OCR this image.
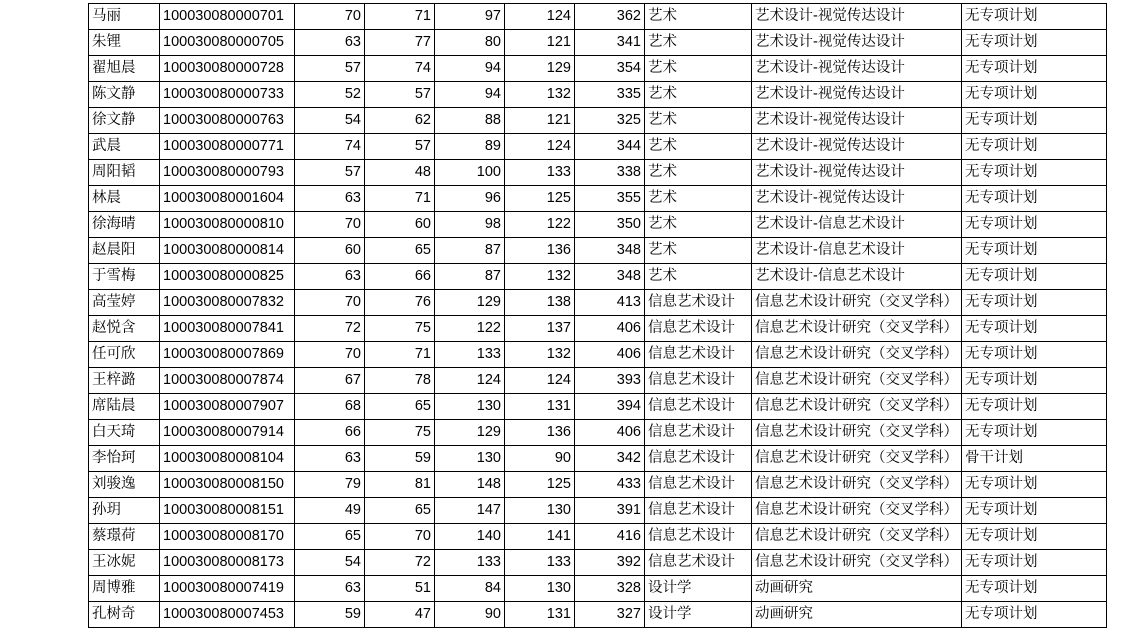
马丽	100030080000701	70	71	97	124	362	艺术	艺术设计-视觉传达设计	无专项计划
朱锂	100030080000705	63	77	80	121	341	艺术	艺术设计-视觉传达设计	无专项计划
翟旭晨	100030080000728	57	74	94	129	354	艺术	艺术设计-视觉传达设计	无专项计划
陈文静	100030080000733	52	57	94	132	335	艺术	艺术设计-视觉传达设计	无专项计划
徐文静	100030080000763	54	62	88	121	325	艺术	艺术设计-视觉传达设计	无专项计划
武晨	100030080000771	74	57	89	124	344	艺术	艺术设计-视觉传达设计	无专项计划
周阳韬	100030080000793	57	48	100	133	338	艺术	艺术设计-视觉传达设计	无专项计划
林晨	100030080001604	63	71	96	125	355	艺术	艺术设计-视觉传达设计	无专项计划
徐海晴	100030080000810	70	60	98	122	350	艺术	艺术设计-信息艺术设计	无专项计划
赵晨阳	100030080000814	60	65	87	136	348	艺术	艺术设计-信息艺术设计	无专项计划
于雪梅	100030080000825	63	66	87	132	348	艺术	艺术设计-信息艺术设计	无专项计划
高莹婷	100030080007832	70	76	129	138	413	信息艺术设计	信息艺术设计研究（交叉学科）	无专项计划
赵悦含	100030080007841	72	75	122	137	406	信息艺术设计	信息艺术设计研究（交叉学科）	无专项计划
任可欣	100030080007869	70	71	133	132	406	信息艺术设计	信息艺术设计研究（交叉学科）	无专项计划
王梓潞	100030080007874	67	78	124	124	393	信息艺术设计	信息艺术设计研究（交叉学科）	无专项计划
席陆晨	100030080007907	68	65	130	131	394	信息艺术设计	信息艺术设计研究（交叉学科）	无专项计划
白天琦	100030080007914	66	75	129	136	406	信息艺术设计	信息艺术设计研究（交叉学科）	无专项计划
李怡珂	100030080008104	63	59	130	90	342	信息艺术设计	信息艺术设计研究（交叉学科）	骨干计划
刘骏逸	100030080008150	79	81	148	125	433	信息艺术设计	信息艺术设计研究（交叉学科）	无专项计划
孙玥	100030080008151	49	65	147	130	391	信息艺术设计	信息艺术设计研究（交叉学科）	无专项计划
蔡璟荷	100030080008170	65	70	140	141	416	信息艺术设计	信息艺术设计研究（交叉学科）	无专项计划
王冰妮	100030080008173	54	72	133	133	392	信息艺术设计	信息艺术设计研究（交叉学科）	无专项计划
周博雅	100030080007419	63	51	84	130	328	设计学	动画研究	无专项计划
孔树奇	100030080007453	59	47	90	131	327	设计学	动画研究	无专项计划
